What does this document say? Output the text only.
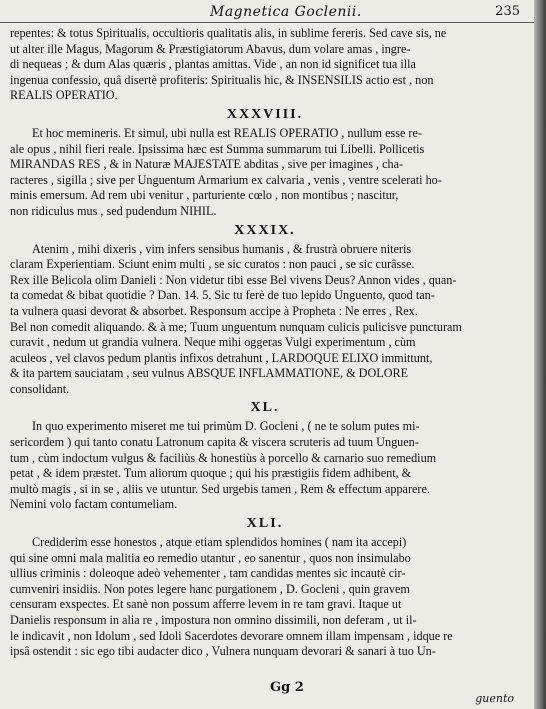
Magnetica Goclenii.	235
repentes: & totus Spiritualis, occultioris qualitatis alis, in sublime fereris. Sed cave sis, ne
ut alter ille Magus, Magorum & Præstigiatorum Abavus, dum volare amas , ingre-
di nequeas ; & dum Alas quæris , plantas amittas. Vide , an non id significet tua illa
ingenua confessio, quâ disertè profiteris: Spiritualis hic, & INSENSILIS actio est , non
REALIS OPERATIO.
XXXVIII.
Et hoc memineris. Et simul, ubi nulla est REALIS OPERATIO , nullum esse re-
ale opus , nihil fieri reale. Ipsissima hæc est Summa summarum tui Libelli. Pollicetis
MIRANDAS RES , & in Naturæ MAJESTATE abditas , sive per imagines , cha-
racteres , sigilla ; sive per Unguentum Armarium ex calvaria , venis , ventre scelerati ho-
minis emersum. Ad rem ubi venitur , parturiente cœlo , non montibus ; nascitur,
non ridiculus mus , sed pudendum NIHIL.
XXXIX.
Atenim , mihi dixeris , vim infers sensibus humanis , & frustrà obruere niteris
claram Experientiam. Sciunt enim multi , se sic curatos : non pauci , se sic curâsse.
Rex ille Belicola olim Danieli : Non videtur tibi esse Bel vivens Deus? Annon vides , quan-
ta comedat & bibat quotidie ? Dan. 14. 5. Sic tu ferè de tuo lepido Unguento, quod tan-
ta vulnera quasi devorat & absorbet. Responsum accipe à Propheta : Ne erres , Rex.
Bel non comedit aliquando. & à me; Tuum unguentum nunquam culicis pulicisve puncturam
curavit , nedum ut grandia vulnera. Neque mihi oggeras Vulgi experimentum , cùm
aculeos , vel clavos pedum plantis infixos detrahunt , LARDOQUE ELIXO immittunt,
& ita partem sauciatam , seu vulnus ABSQUE INFLAMMATIONE, & DOLORE
consolidant.
XL.
In quo experimento miseret me tui primùm D. Gocleni , ( ne te solum putes mi-
sericordem ) qui tanto conatu Latronum capita & viscera scruteris ad tuum Unguen-
tum , cùm indoctum vulgus & faciliùs & honestiùs à porcello & carnario suo remedium
petat , & idem præstet. Tum aliorum quoque ; qui his præstigiis fidem adhibent, &
multò magis , si in se , aliis ve utuntur. Sed urgebis tamen , Rem & effectum apparere.
Nemini volo factam contumeliam.
XLI.
Crediderim esse honestos , atque etiam splendidos homines ( nam ita accepi)
qui sine omni mala malitia eo remedio utantur , eo sanentur , quos non insimulabo
ullius criminis : doleoque adeò vehementer , tam candidas mentes sic incautè cir-
cumveniri insidiis. Non potes legere hanc purgationem , D. Gocleni , quin gravem
censuram exspectes. Et sanè non possum afferre levem in re tam gravi. Itaque ut
Danielis responsum in alia re , impostura non omnino dissimili, non deferam , ut il-
le indicavit , non Idolum , sed Idoli Sacerdotes devorare omnem illam impensam , idque re
ipsâ ostendit : sic ego tibi audacter dico , Vulnera nunquam devorari & sanari à tuo Un-
Gg 2
guento
